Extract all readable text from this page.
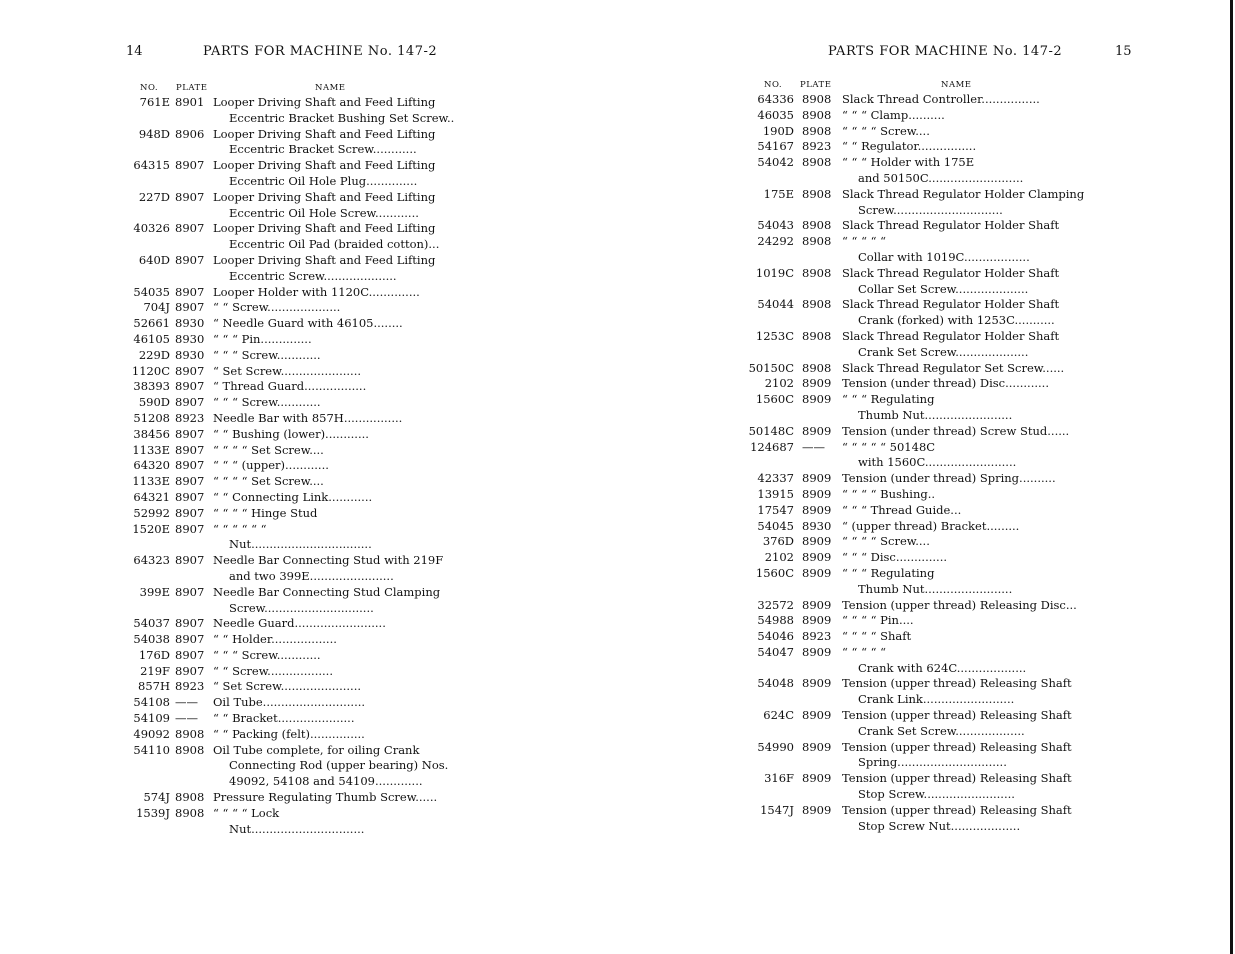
14	PARTS FOR MACHINE No. 147-2
NO. PLATE	NAME
761E 8901 Looper Driving Shaft and Feed Lifting
Eccentric Bracket Bushing Set Screw..
948D 8906 Looper Driving Shaft and Feed Lifting
Eccentric Bracket Screw............
64315 8907 Looper Driving Shaft and Feed Lifting
Eccentric Oil Hole Plug..............
227D 8907 Looper Driving Shaft and Feed Lifting
Eccentric Oil Hole Screw............
40326 8907 Looper Driving Shaft and Feed Lifting
Eccentric Oil Pad (braided cotton)...
640D 8907 Looper Driving Shaft and Feed Lifting
Eccentric Screw....................
54035 8907 Looper Holder with 1120C..............
704J 8907 “ “ Screw....................
52661 8930 “ Needle Guard with 46105........
46105 8930 “ “ “ Pin..............
229D 8930 “ “ “ Screw............
1120C 8907 “ Set Screw......................
38393 8907 “ Thread Guard.................
590D 8907 “ “ “ Screw............
51208 8923 Needle Bar with 857H................
38456 8907 “ “ Bushing (lower)............
1133E 8907 “ “ “ “ Set Screw....
64320 8907 “ “ “ (upper)............
1133E 8907 “ “ “ “ Set Screw....
64321 8907 “ “ Connecting Link............
52992 8907 “ “ “ “ Hinge Stud
1520E 8907 “ “ “ “ “ “
Nut.................................
64323 8907 Needle Bar Connecting Stud with 219F
and two 399E.......................
399E 8907 Needle Bar Connecting Stud Clamping
Screw..............................
54037 8907 Needle Guard.........................
54038 8907 “ “ Holder..................
176D 8907 “ “ “ Screw............
219F 8907 “ “ Screw..................
857H 8923 “ Set Screw......................
54108 —— Oil Tube............................
54109 —— “ “ Bracket.....................
49092 8908 “ “ Packing (felt)...............
54110 8908 Oil Tube complete, for oiling Crank
Connecting Rod (upper bearing) Nos.
49092, 54108 and 54109.............
574J 8908 Pressure Regulating Thumb Screw......
1539J 8908 “ “ “ “ Lock
Nut...............................
PARTS FOR MACHINE No. 147-2	15
NO. PLATE	NAME
64336 8908 Slack Thread Controller................
46035 8908 “ “ “ Clamp..........
190D 8908 “ “ “ “ Screw....
54167 8923 “ “ Regulator................
54042 8908 “ “ “ Holder with 175E
and 50150C..........................
175E 8908 Slack Thread Regulator Holder Clamping
Screw..............................
54043 8908 Slack Thread Regulator Holder Shaft
24292 8908 “ “ “ “ “
Collar with 1019C..................
1019C 8908 Slack Thread Regulator Holder Shaft
Collar Set Screw....................
54044 8908 Slack Thread Regulator Holder Shaft
Crank (forked) with 1253C...........
1253C 8908 Slack Thread Regulator Holder Shaft
Crank Set Screw....................
50150C 8908 Slack Thread Regulator Set Screw......
2102 8909 Tension (under thread) Disc............
1560C 8909 “ “ “ Regulating
Thumb Nut........................
50148C 8909 Tension (under thread) Screw Stud......
124687 —— “ “ “ “ “ 50148C
with 1560C.........................
42337 8909 Tension (under thread) Spring..........
13915 8909 “ “ “ “ Bushing..
17547 8909 “ “ “ Thread Guide...
54045 8930 “ (upper thread) Bracket.........
376D 8909 “ “ “ “ Screw....
2102 8909 “ “ “ Disc..............
1560C 8909 “ “ “ Regulating
Thumb Nut........................
32572 8909 Tension (upper thread) Releasing Disc...
54988 8909 “ “ “ “ Pin....
54046 8923 “ “ “ “ Shaft
54047 8909 “ “ “ “ “
Crank with 624C...................
54048 8909 Tension (upper thread) Releasing Shaft
Crank Link.........................
624C 8909 Tension (upper thread) Releasing Shaft
Crank Set Screw...................
54990 8909 Tension (upper thread) Releasing Shaft
Spring..............................
316F 8909 Tension (upper thread) Releasing Shaft
Stop Screw.........................
1547J 8909 Tension (upper thread) Releasing Shaft
Stop Screw Nut...................
